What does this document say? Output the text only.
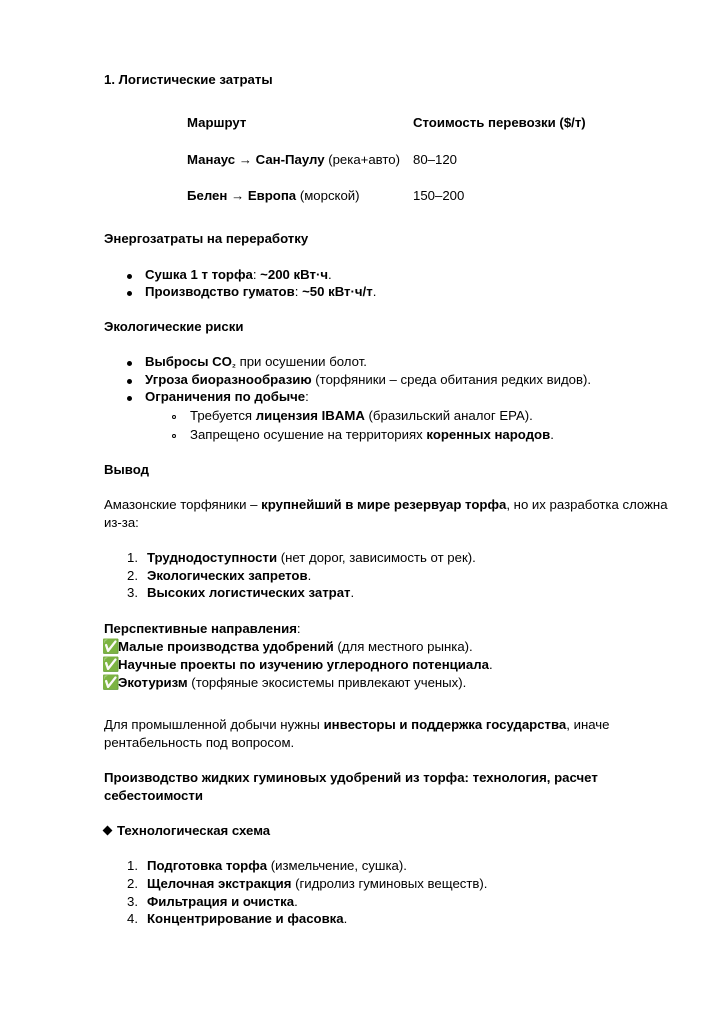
1. Логистические затраты
Маршрут	Стоимость перевозки ($/т)
Манаус → Сан-Паулу (река+авто) 80–120
Белен → Европа (морской)	150–200
Энергозатраты на переработку
Сушка 1 т торфа: ~200 кВт·ч.
Производство гуматов: ~50 кВт·ч/т.
Экологические риски
Выбросы CO₂ при осушении болот.
Угроза биоразнообразию (торфяники – среда обитания редких видов).
Ограничения по добыче:
Требуется лицензия IBAMA (бразильский аналог EPA).
Запрещено осушение на территориях коренных народов.
Вывод
Амазонские торфяники – крупнейший в мире резервуар торфа, но их разработка сложна
из-за:
1. Труднодоступности (нет дорог, зависимость от рек).
2. Экологических запретов.
3. Высоких логистических затрат.
Перспективные направления:
✅Малые производства удобрений (для местного рынка).
✅Научные проекты по изучению углеродного потенциала.
✅Экотуризм (торфяные экосистемы привлекают ученых).
Для промышленной добычи нужны инвесторы и поддержка государства, иначе
рентабельность под вопросом.
Производство жидких гуминовых удобрений из торфа: технология, расчет
себестоимости
Технологическая схема
1. Подготовка торфа (измельчение, сушка).
2. Щелочная экстракция (гидролиз гуминовых веществ).
3. Фильтрация и очистка.
4. Концентрирование и фасовка.
